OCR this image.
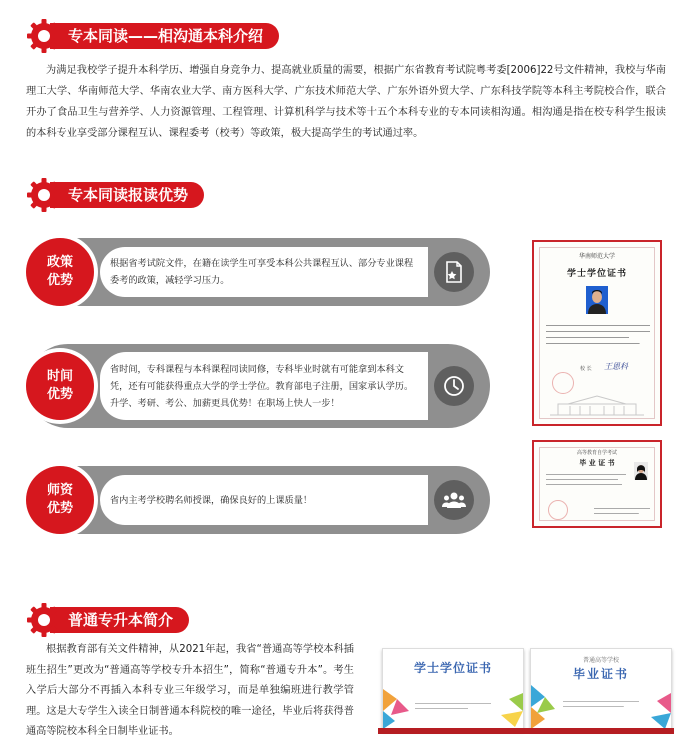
专本同读——相沟通本科介绍
为满足我校学子提升本科学历、增强自身竞争力、提高就业质量的需要，根据广东省教育考试院粤考委[2006]22号文件精神，我校与华南理工大学、华南师范大学、华南农业大学、南方医科大学、广东技术师范大学、广东外语外贸大学、广东科技学院等本科主考院校合作，联合开办了食品卫生与营养学、人力资源管理、工程管理、计算机科学与技术等十五个本科专业的专本同读相沟通。相沟通是指在校专科学生报读的本科专业享受部分课程互认、课程委考（校考）等政策，极大提高学生的考试通过率。
专本同读报读优势
根据省考试院文件，在籍在读学生可享受本科公共课程互认、部分专业课程委考的政策，减轻学习压力。
政策
优势
省时间，专科课程与本科课程同读同修，专科毕业时就有可能拿到本科文凭，还有可能获得重点大学的学士学位。教育部电子注册，国家承认学历。升学、考研、考公、加薪更具优势！在职场上快人一步！
时间
优势
省内主考学校聘名师授课，确保良好的上课质量！
师资
优势
华南师范大学
学士学位证书
校 长 王恩科
高等教育自学考试
毕 业 证 书
普通专升本简介
根据教育部有关文件精神，从2021年起，我省“普通高等学校本科插班生招生”更改为“普通高等学校专升本招生”，简称“普通专升本”。考生入学后大部分不再插入本科专业三年级学习，而是单独编班进行教学管理。这是大专学生入读全日制普通本科院校的唯一途径，毕业后将获得普通高等院校本科全日制毕业证书。
学士学位证书
普通高等学校
毕业证书
